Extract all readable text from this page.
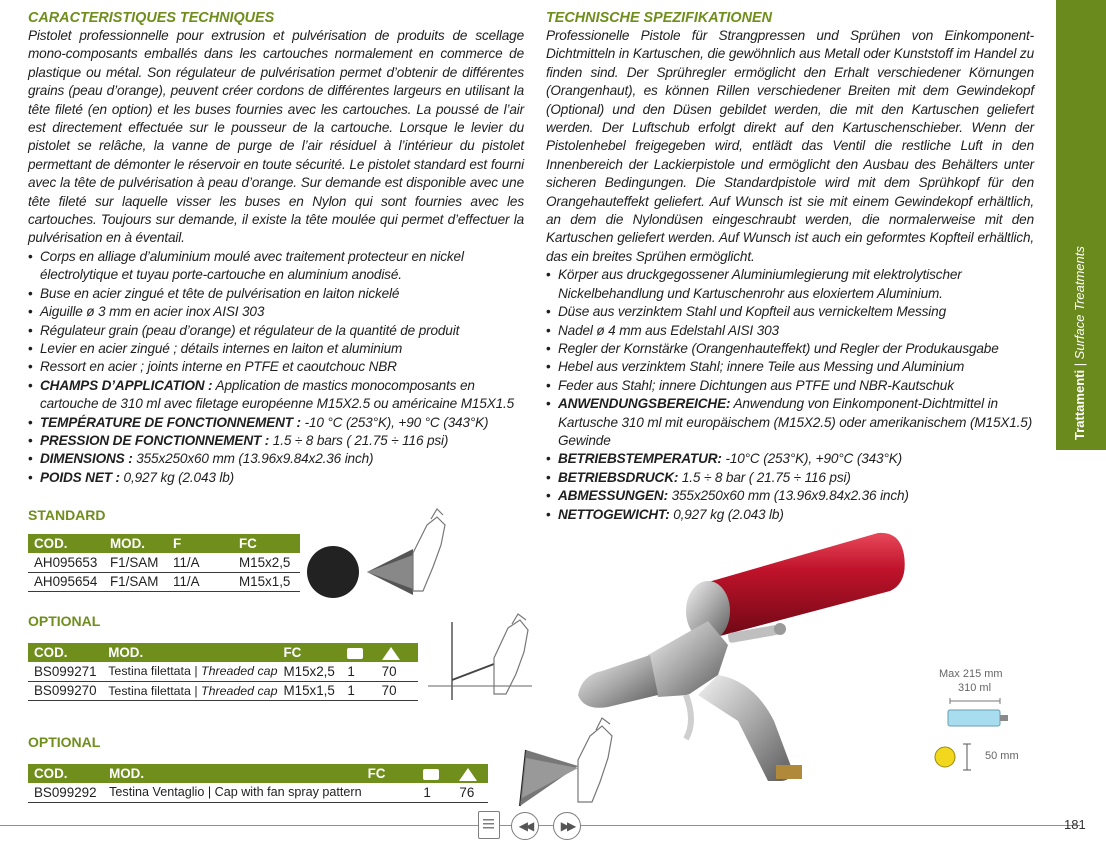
CARACTERISTIQUES TECHNIQUES

Pistolet professionnelle pour extrusion et pulvérisation de produits de scellage mono-composants emballés dans les cartouches normalement en commerce de plastique ou métal. Son régulateur de pulvérisation permet d’obtenir de différentes grains (peau d’orange), peuvent créer cordons de différentes largeurs en utilisant la tête fileté (en option) et les buses fournies avec les cartouches. La poussé de l’air est directement effectuée sur le pousseur de la cartouche. Lorsque le levier du pistolet se relâche, la vanne de purge de l’air résiduel à l’intérieur du pistolet permettant de démonter le réservoir en toute sécurité. Le pistolet standard est fourni avec la tête de pulvérisation à peau d’orange. Sur demande est disponible avec une tête fileté sur laquelle visser les buses en Nylon qui sont fournies avec les cartouches. Toujours sur demande, il existe la tête moulée qui permet d’effectuer la pulvérisation en à éventail.

• Corps en alliage d’aluminium moulé avec traitement protecteur en nickel électrolytique et tuyau porte-cartouche en aluminium anodisé.
• Buse en acier zingué et tête de pulvérisation en laiton nickelé
• Aiguille ø 3 mm en acier inox AISI 303
• Régulateur grain (peau d’orange) et régulateur de la quantité de produit
• Levier en acier zingué ; détails internes en laiton et aluminium
• Ressort en acier ; joints interne en PTFE et caoutchouc NBR
• CHAMPS D’APPLICATION : Application de mastics monocomposants en cartouche de 310 ml avec filetage européenne M15X2.5 ou américaine M15X1.5
• TEMPÉRATURE DE FONCTIONNEMENT : -10 °C (253°K), +90 °C (343°K)
• PRESSION DE FONCTIONNEMENT : 1.5 ÷ 8 bars ( 21.75 ÷ 116 psi)
• DIMENSIONS : 355x250x60 mm (13.96x9.84x2.36 inch)
• POIDS NET : 0,927 kg (2.043 lb)
TECHNISCHE SPEZIFIKATIONEN

Professionelle Pistole für Strangpressen und Sprühen von Einkomponent-Dichtmitteln in Kartuschen, die gewöhnlich aus Metall oder Kunststoff im Handel zu finden sind. Der Sprühregler ermöglicht den Erhalt verschiedener Körnungen (Orangenhaut), es können Rillen verschiedener Breiten mit dem Gewindekopf (Optional) und den Düsen gebildet werden, die mit den Kartuschen geliefert werden. Der Luftschub erfolgt direkt auf den Kartuschenschieber. Wenn der Pistolenhebel freigegeben wird, entlädt das Ventil die restliche Luft in den Innenbereich der Lackierpistole und ermöglicht den Ausbau des Behälters unter sicheren Bedingungen. Die Standardpistole wird mit dem Sprühkopf für den Orangehauteffekt geliefert. Auf Wunsch ist sie mit einem Gewindekopf erhältlich, an dem die Nylondüsen eingeschraubt werden, die normalerweise mit den Kartuschen geliefert werden. Auf Wunsch ist auch ein geformtes Kopfteil erhältlich, das ein breites Sprühen ermöglicht.

• Körper aus druckgegossener Aluminiumlegierung mit elektrolytischer Nickelbehandlung und Kartuschenrohr aus eloxiertem Aluminium.
• Düse aus verzinktem Stahl und Kopfteil aus vernickeltem Messing
• Nadel ø 4 mm aus Edelstahl AISI 303
• Regler der Kornstärke (Orangenhauteffekt) und Regler der Produkausgabe
• Hebel aus verzinktem Stahl; innere Teile aus Messing und Aluminium
• Feder aus Stahl; innere Dichtungen aus PTFE und NBR-Kautschuk
• ANWENDUNGSBEREICHE: Anwendung von Einkomponent-Dichtmittel in Kartusche 310 ml mit europäischem (M15X2.5) oder amerikanischem (M15X1.5) Gewinde
• BETRIEBSTEMPERATUR: -10°C (253°K), +90°C (343°K)
• BETRIEBSDRUCK: 1.5 ÷ 8 bar ( 21.75 ÷ 116 psi)
• ABMESSUNGEN: 355x250x60 mm (13.96x9.84x2.36 inch)
• NETTOGEWICHT: 0,927 kg (2.043 lb)
Trattamenti | Surface Treatments
STANDARD
COD.	MOD.	F	FC
AH095653	F1/SAM	11/A	M15x2,5
AH095654	F1/SAM	11/A	M15x1,5
OPTIONAL
COD.	MOD.	FC		
BS099271	Testina filettata | Threaded cap	M15x2,5	1	70
BS099270	Testina filettata | Threaded cap	M15x1,5	1	70
OPTIONAL
COD.	MOD.	FC		
BS099292	Testina Ventaglio | Cap with fan spray pattern		1	76
Max 215 mm
310 ml
50 mm
◀◀	▶▶	181
